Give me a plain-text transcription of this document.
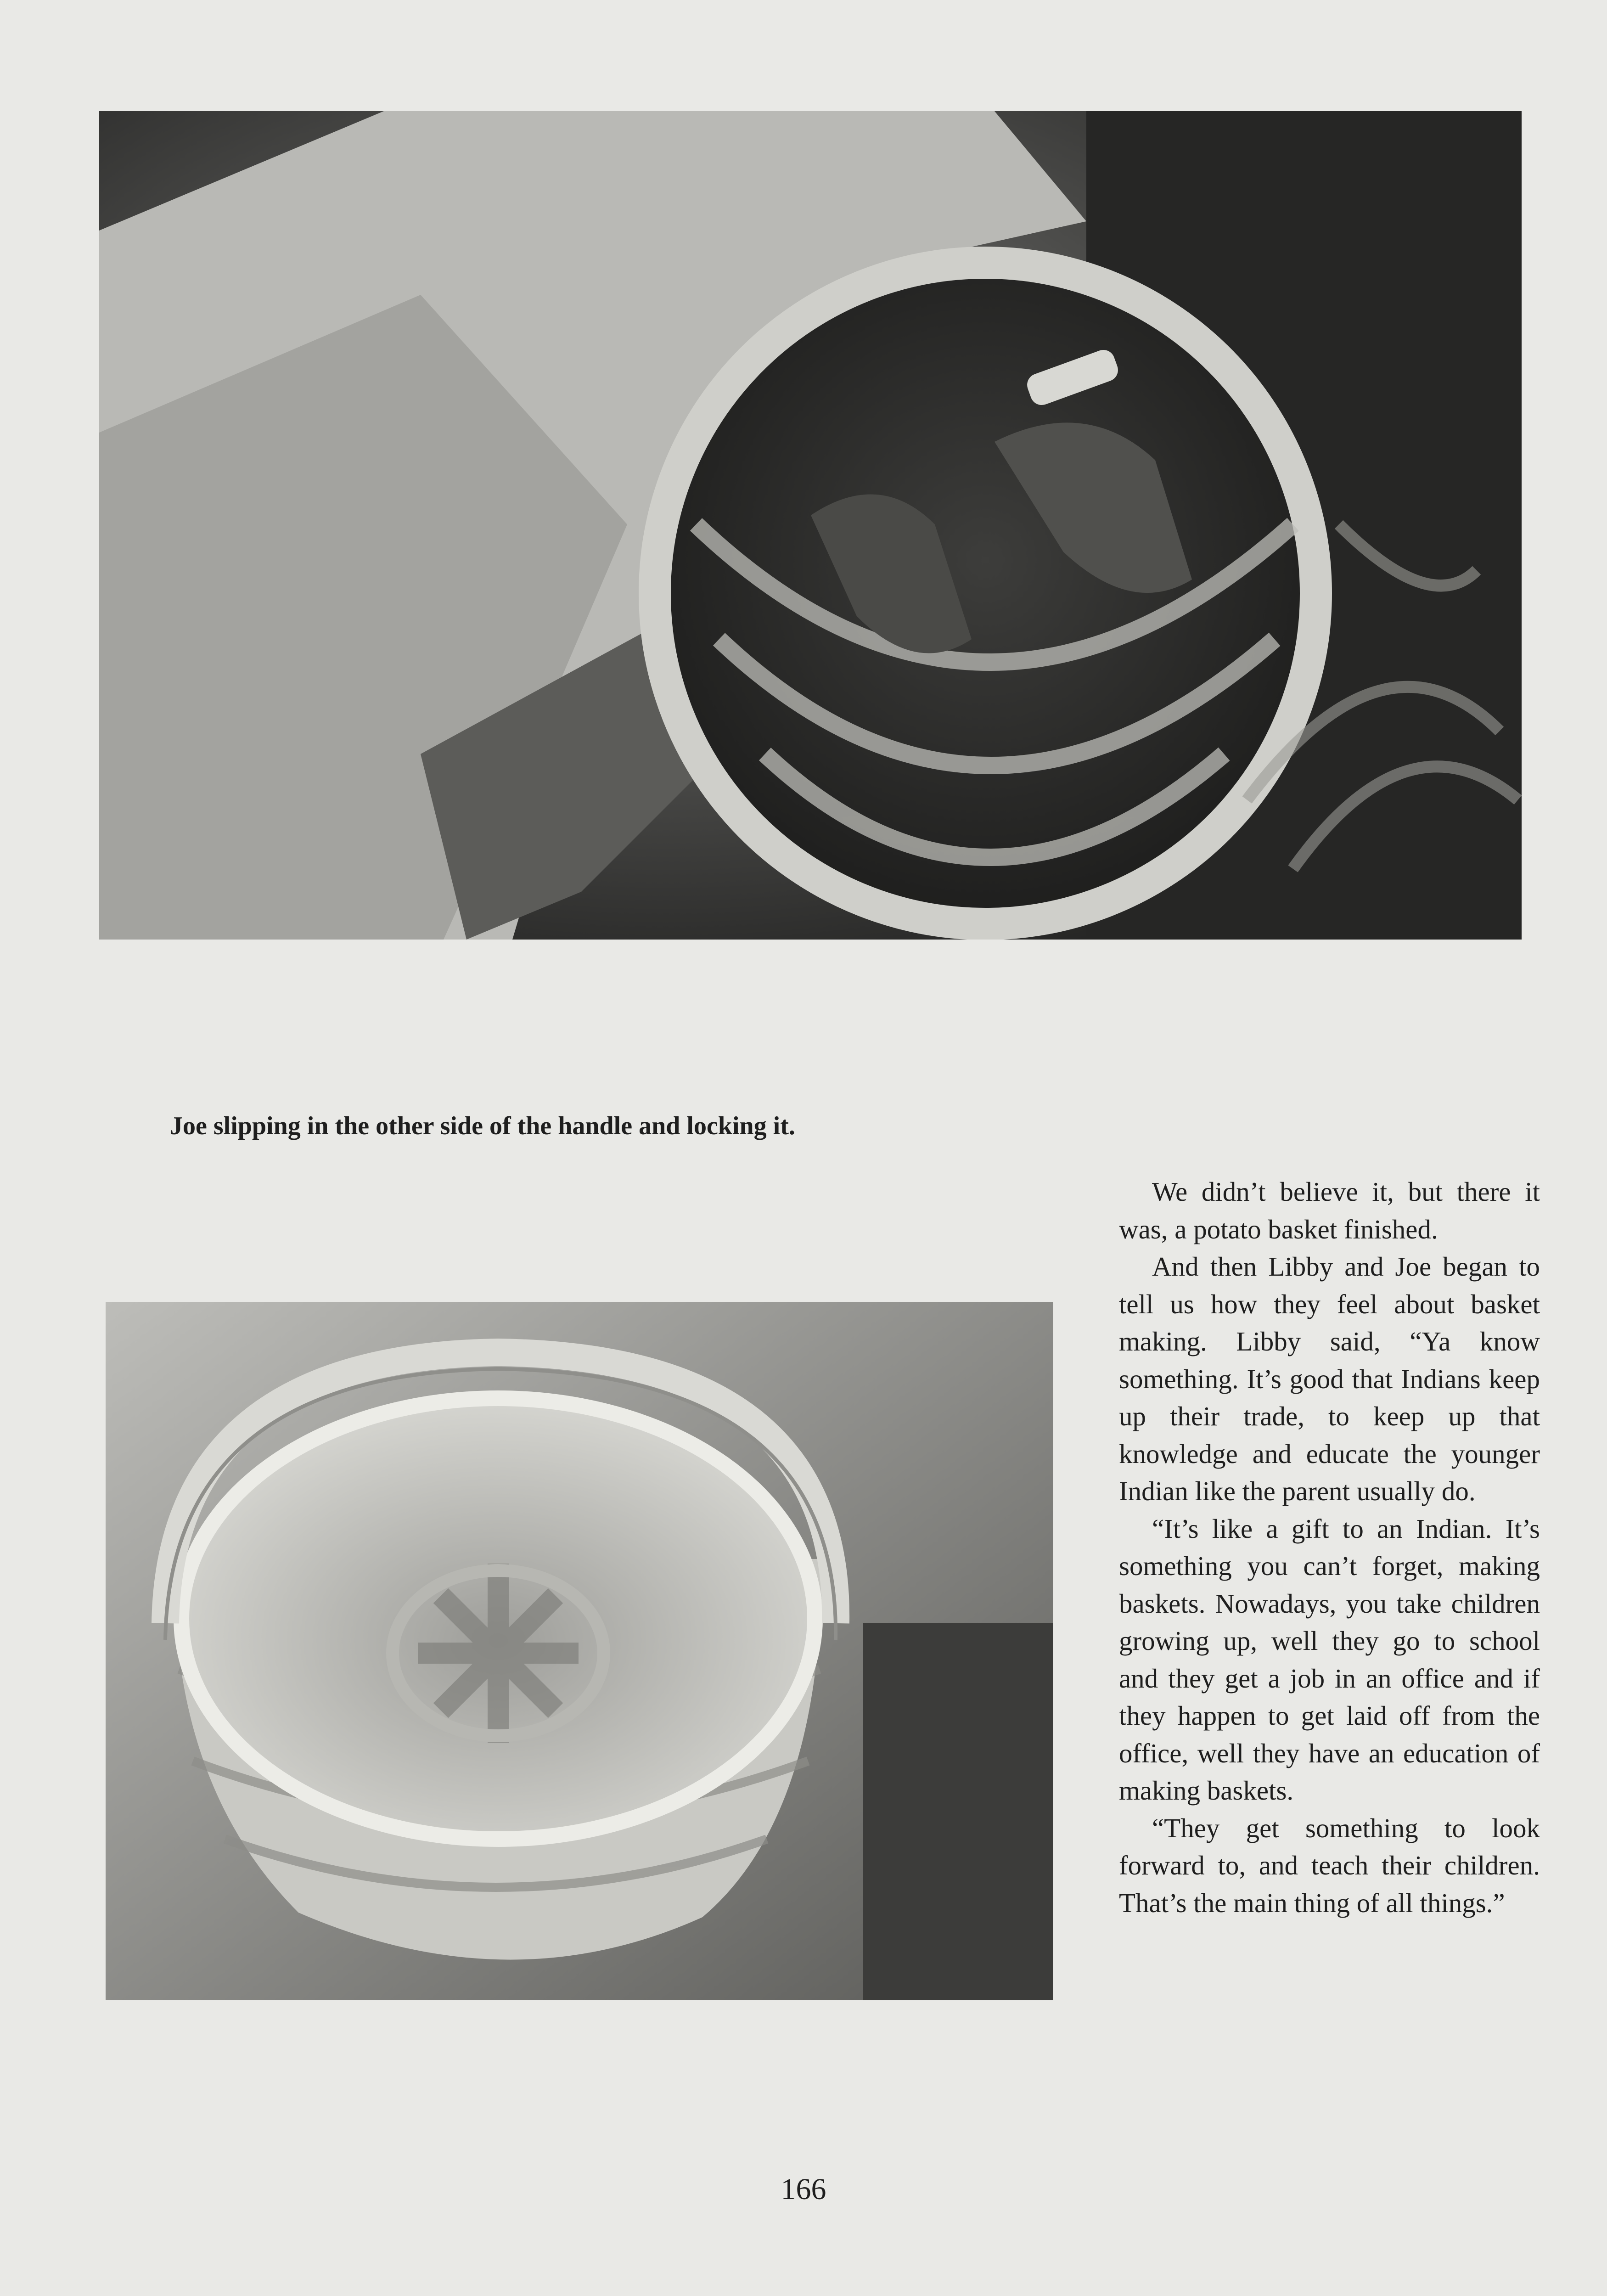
Joe slipping in the other side of the handle and locking it.

We didn’t believe it, but there it was, a potato basket finished.

And then Libby and Joe began to tell us how they feel about basket making. Libby said, “Ya know something. It’s good that Indians keep up their trade, to keep up that knowledge and educate the younger Indian like the parent usually do.

“It’s like a gift to an Indian. It’s something you can’t forget, making baskets. Nowadays, you take children growing up, well they go to school and they get a job in an office and if they happen to get laid off from the office, well they have an education of making baskets.

“They get something to look forward to, and teach their children. That’s the main thing of all things.”

166
